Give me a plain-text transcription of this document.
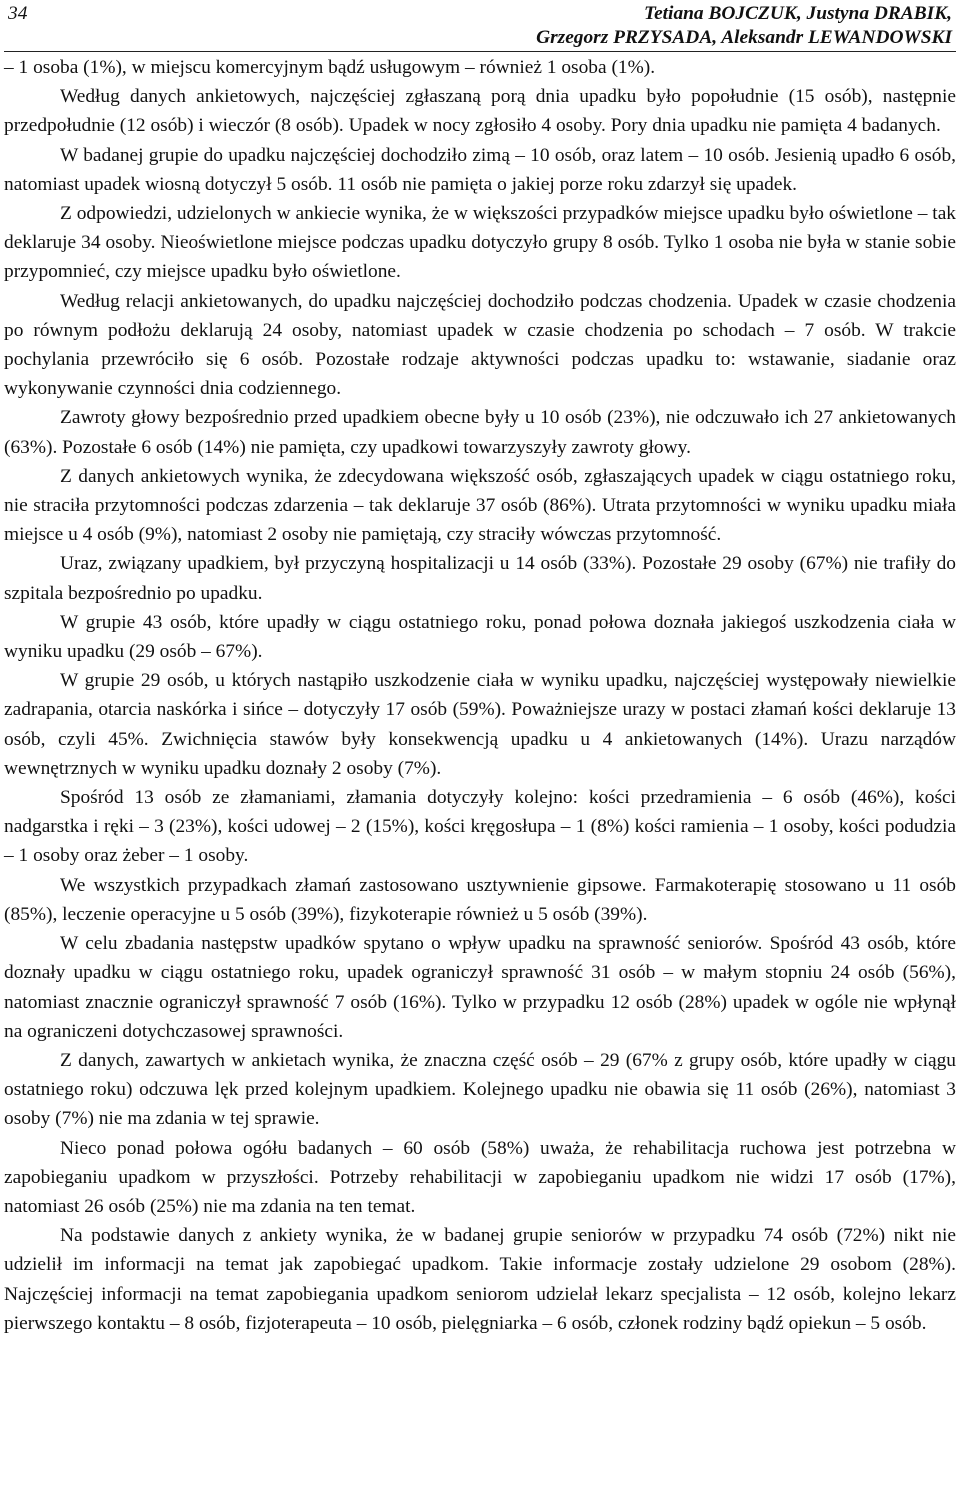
34	Tetiana BOJCZUK, Justyna DRABIK,
Grzegorz PRZYSADA, Aleksandr LEWANDOWSKI

– 1 osoba (1%), w miejscu komercyjnym bądź usługowym – również 1 osoba (1%).

Według danych ankietowych, najczęściej zgłaszaną porą dnia upadku było popołudnie (15 osób), następnie przedpołudnie (12 osób) i wieczór (8 osób). Upadek w nocy zgłosiło 4 osoby. Pory dnia upadku nie pamięta 4 badanych.

W badanej grupie do upadku najczęściej dochodziło zimą – 10 osób, oraz latem – 10 osób. Jesienią upadło 6 osób, natomiast upadek wiosną dotyczył 5 osób. 11 osób nie pamięta o jakiej porze roku zdarzył się upadek.

Z odpowiedzi, udzielonych w ankiecie wynika, że w większości przypadków miejsce upadku było oświetlone – tak deklaruje 34 osoby. Nieoświetlone miejsce podczas upadku dotyczyło grupy 8 osób. Tylko 1 osoba nie była w stanie sobie przypomnieć, czy miejsce upadku było oświetlone.

Według relacji ankietowanych, do upadku najczęściej dochodziło podczas chodzenia. Upadek w czasie chodzenia po równym podłożu deklarują 24 osoby, natomiast upadek w czasie chodzenia po schodach – 7 osób. W trakcie pochylania przewróciło się 6 osób. Pozostałe rodzaje aktywności podczas upadku to: wstawanie, siadanie oraz wykonywanie czynności dnia codziennego.

Zawroty głowy bezpośrednio przed upadkiem obecne były u 10 osób (23%), nie odczuwało ich 27 ankietowanych (63%). Pozostałe 6 osób (14%) nie pamięta, czy upadkowi towarzyszyły zawroty głowy.

Z danych ankietowych wynika, że zdecydowana większość osób, zgłaszających upadek w ciągu ostatniego roku, nie straciła przytomności podczas zdarzenia – tak deklaruje 37 osób (86%). Utrata przytomności w wyniku upadku miała miejsce u 4 osób (9%), natomiast 2 osoby nie pamiętają, czy straciły wówczas przytomność.

Uraz, związany upadkiem, był przyczyną hospitalizacji u 14 osób (33%). Pozostałe 29 osoby (67%) nie trafiły do szpitala bezpośrednio po upadku.

W grupie 43 osób, które upadły w ciągu ostatniego roku, ponad połowa doznała jakiegoś uszkodzenia ciała w wyniku upadku (29 osób – 67%).

W grupie 29 osób, u których nastąpiło uszkodzenie ciała w wyniku upadku, najczęściej występowały niewielkie zadrapania, otarcia naskórka i sińce – dotyczyły 17 osób (59%). Poważniejsze urazy w postaci złamań kości deklaruje 13 osób, czyli 45%. Zwichnięcia stawów były konsekwencją upadku u 4 ankietowanych (14%). Urazu narządów wewnętrznych w wyniku upadku doznały 2 osoby (7%).

Spośród 13 osób ze złamaniami, złamania dotyczyły kolejno: kości przedramienia – 6 osób (46%), kości nadgarstka i ręki – 3 (23%), kości udowej – 2 (15%), kości kręgosłupa – 1 (8%) kości ramienia – 1 osoby, kości podudzia – 1 osoby oraz żeber – 1 osoby.

We wszystkich przypadkach złamań zastosowano usztywnienie gipsowe. Farmakoterapię stosowano u 11 osób (85%), leczenie operacyjne u 5 osób (39%), fizykoterapie również u 5 osób (39%).

W celu zbadania następstw upadków spytano o wpływ upadku na sprawność seniorów. Spośród 43 osób, które doznały upadku w ciągu ostatniego roku, upadek ograniczył sprawność 31 osób – w małym stopniu 24 osób (56%), natomiast znacznie ograniczył sprawność 7 osób (16%). Tylko w przypadku 12 osób (28%) upadek w ogóle nie wpłynął na ograniczeni dotychczasowej sprawności.

Z danych, zawartych w ankietach wynika, że znaczna część osób – 29 (67% z grupy osób, które upadły w ciągu ostatniego roku) odczuwa lęk przed kolejnym upadkiem. Kolejnego upadku nie obawia się 11 osób (26%), natomiast 3 osoby (7%) nie ma zdania w tej sprawie.

Nieco ponad połowa ogółu badanych – 60 osób (58%) uważa, że rehabilitacja ruchowa jest potrzebna w zapobieganiu upadkom w przyszłości. Potrzeby rehabilitacji w zapobieganiu upadkom nie widzi 17 osób (17%), natomiast 26 osób (25%) nie ma zdania na ten temat.

Na podstawie danych z ankiety wynika, że w badanej grupie seniorów w przypadku 74 osób (72%) nikt nie udzielił im informacji na temat jak zapobiegać upadkom. Takie informacje zostały udzielone 29 osobom (28%). Najczęściej informacji na temat zapobiegania upadkom seniorom udzielał lekarz specjalista – 12 osób, kolejno lekarz pierwszego kontaktu – 8 osób, fizjoterapeuta – 10 osób, pielęgniarka – 6 osób, członek rodziny bądź opiekun – 5 osób.
